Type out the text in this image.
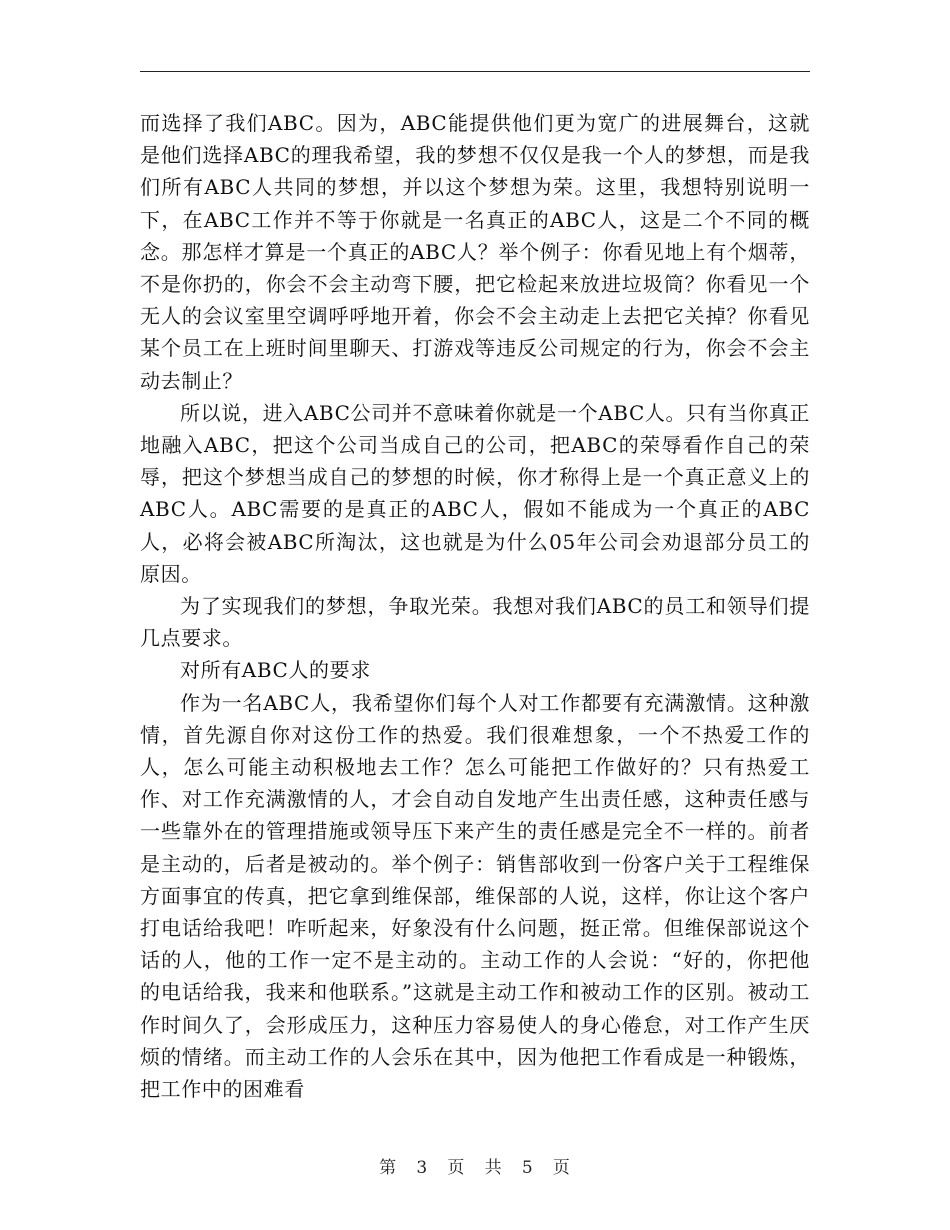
而选择了我们ABC。因为，ABC能提供他们更为宽广的进展舞台，这就是他们选择ABC的理我希望，我的梦想不仅仅是我一个人的梦想，而是我们所有ABC人共同的梦想，并以这个梦想为荣。这里，我想特别说明一下，在ABC工作并不等于你就是一名真正的ABC人，这是二个不同的概念。那怎样才算是一个真正的ABC人？举个例子：你看见地上有个烟蒂，不是你扔的，你会不会主动弯下腰，把它检起来放进垃圾筒？你看见一个无人的会议室里空调呼呼地开着，你会不会主动走上去把它关掉？你看见某个员工在上班时间里聊天、打游戏等违反公司规定的行为，你会不会主动去制止？

所以说，进入ABC公司并不意味着你就是一个ABC人。只有当你真正地融入ABC，把这个公司当成自己的公司，把ABC的荣辱看作自己的荣辱，把这个梦想当成自己的梦想的时候，你才称得上是一个真正意义上的ABC人。ABC需要的是真正的ABC人，假如不能成为一个真正的ABC人，必将会被ABC所淘汰，这也就是为什么05年公司会劝退部分员工的原因。

为了实现我们的梦想，争取光荣。我想对我们ABC的员工和领导们提几点要求。

对所有ABC人的要求

作为一名ABC人，我希望你们每个人对工作都要有充满激情。这种激情，首先源自你对这份工作的热爱。我们很难想象，一个不热爱工作的人，怎么可能主动积极地去工作？怎么可能把工作做好的？只有热爱工作、对工作充满激情的人，才会自动自发地产生出责任感，这种责任感与一些靠外在的管理措施或领导压下来产生的责任感是完全不一样的。前者是主动的，后者是被动的。举个例子：销售部收到一份客户关于工程维保方面事宜的传真，把它拿到维保部，维保部的人说，这样，你让这个客户打电话给我吧！咋听起来，好象没有什么问题，挺正常。但维保部说这个话的人，他的工作一定不是主动的。主动工作的人会说：“好的，你把他的电话给我，我来和他联系。”这就是主动工作和被动工作的区别。被动工作时间久了，会形成压力，这种压力容易使人的身心倦怠，对工作产生厌烦的情绪。而主动工作的人会乐在其中，因为他把工作看成是一种锻炼，把工作中的困难看

第 3 页 共 5 页
